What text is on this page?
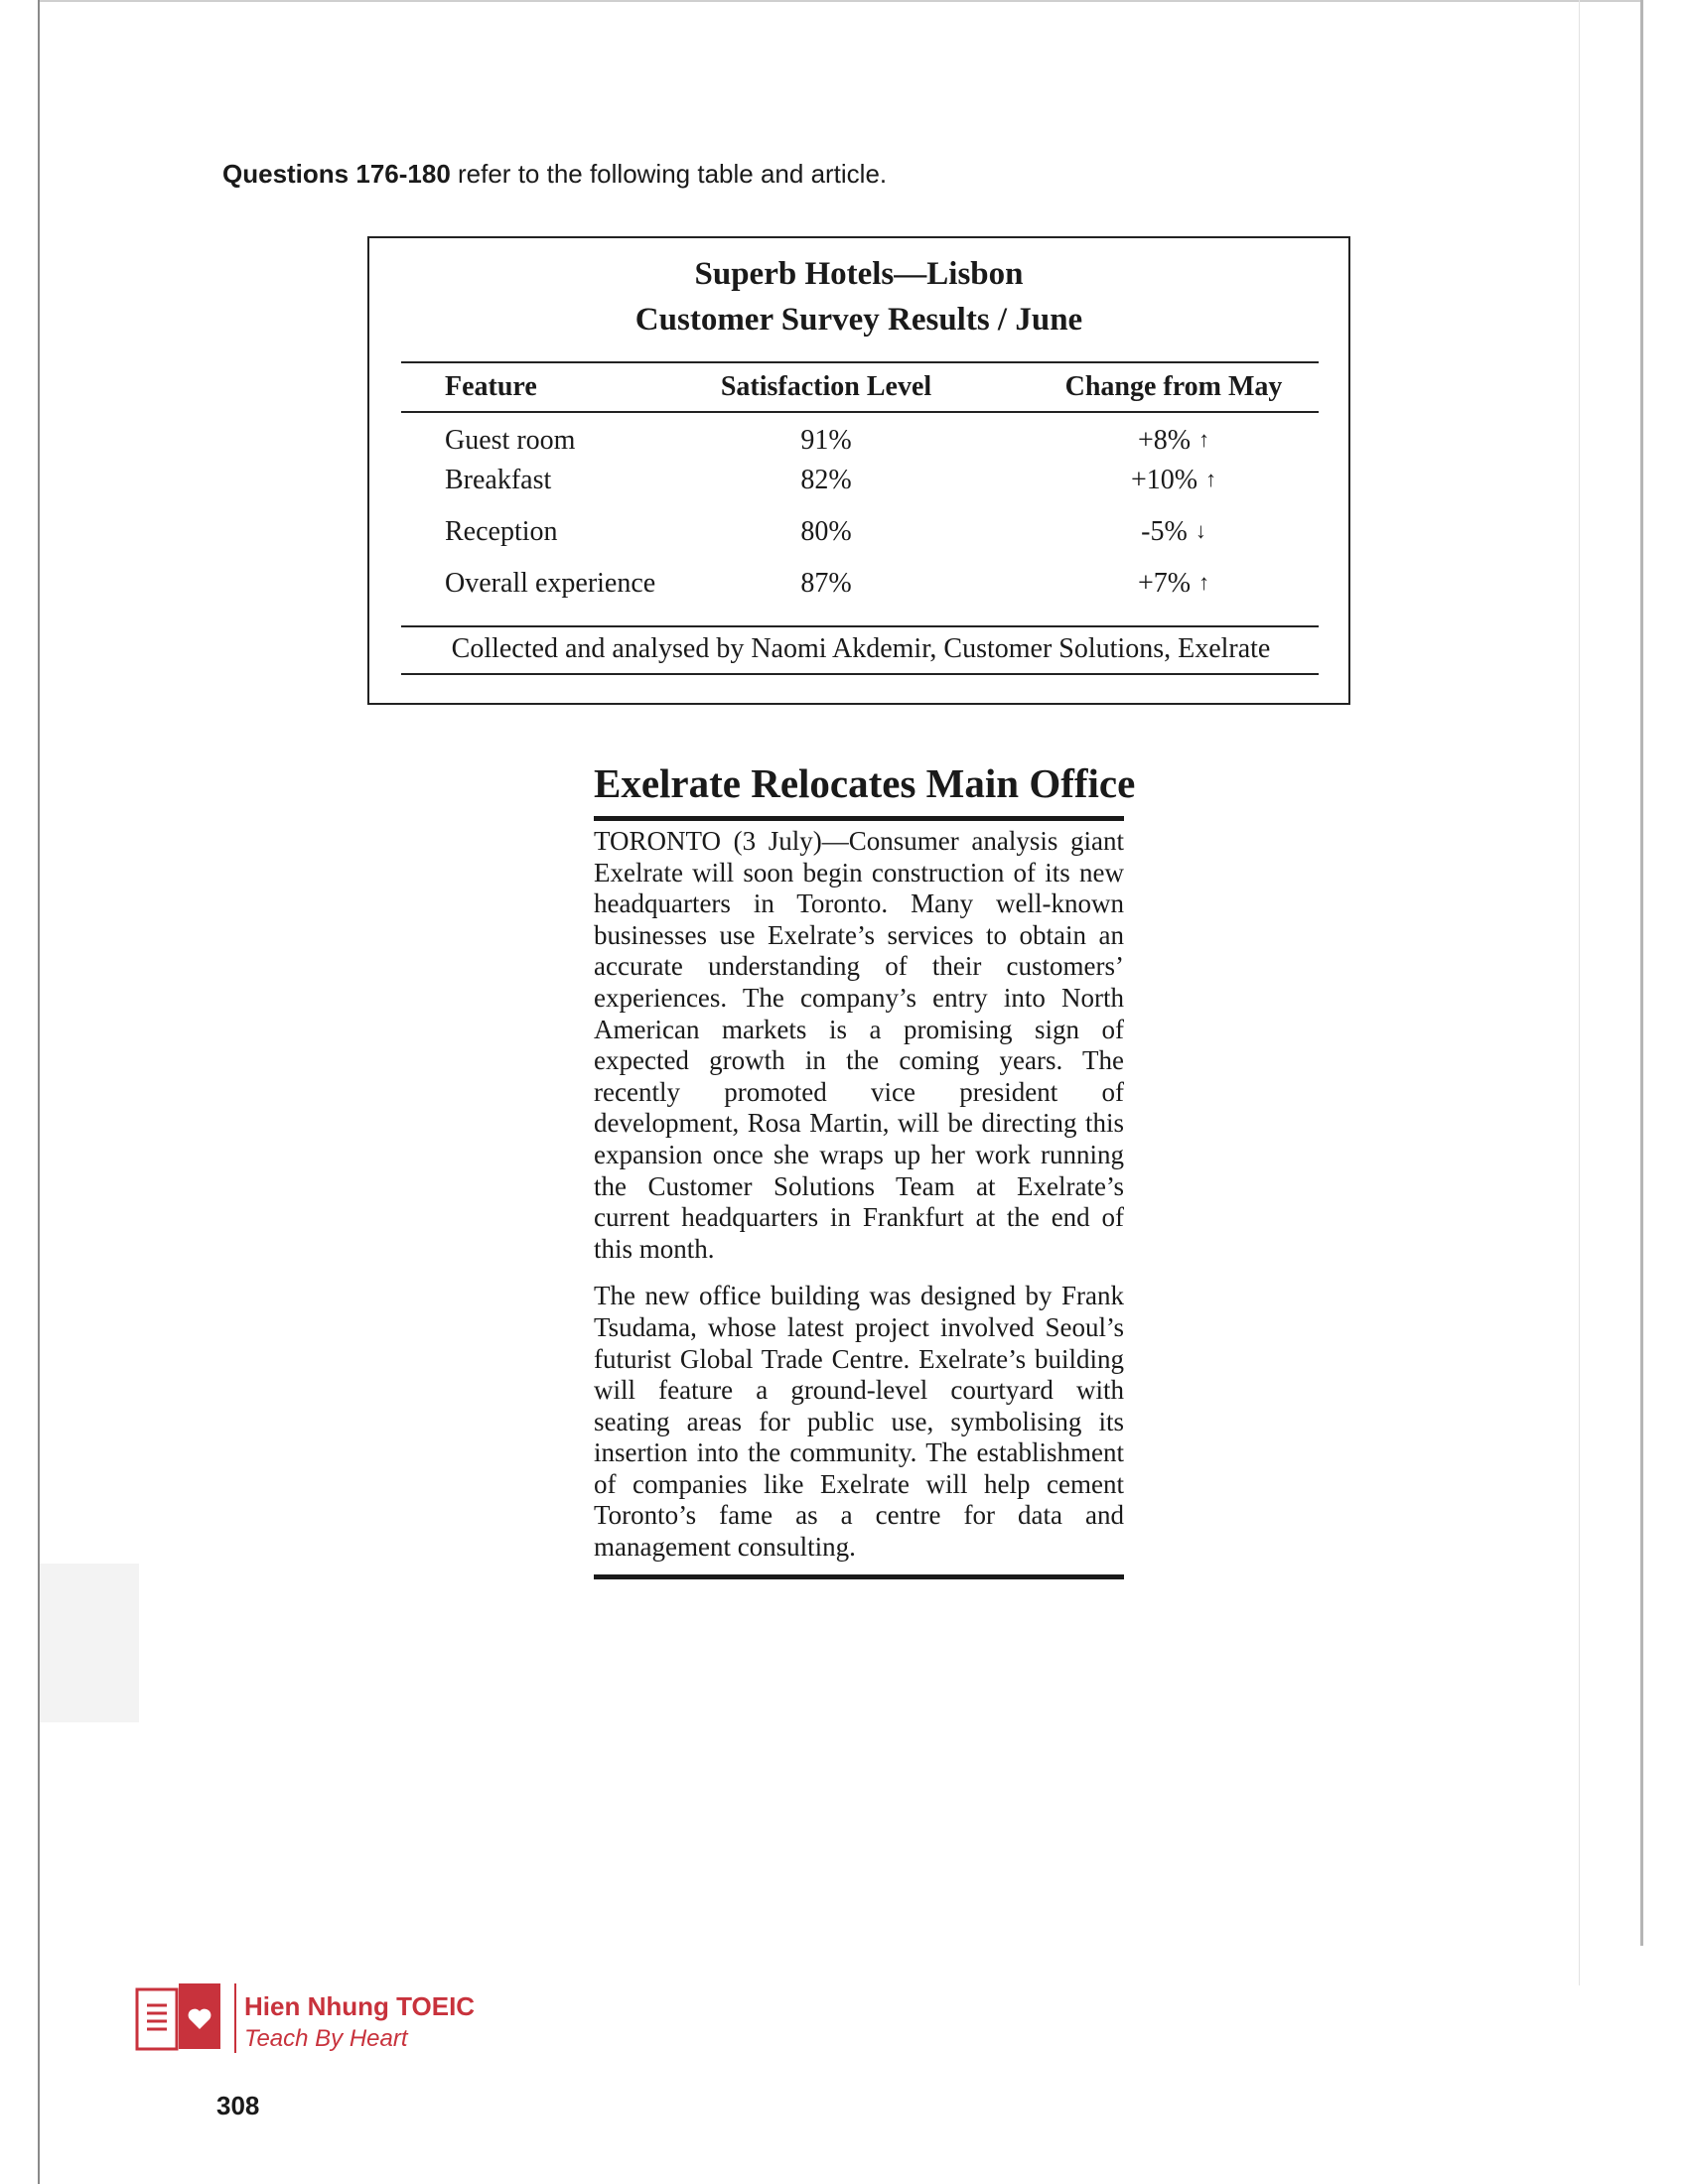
Questions 176-180 refer to the following table and article.
Superb Hotels—Lisbon
Customer Survey Results / June
Feature	Satisfaction Level	Change from May
Guest room	91%	+8% ↑
Breakfast	82%	+10% ↑
Reception	80%	-5% ↓
Overall experience	87%	+7% ↑
Collected and analysed by Naomi Akdemir, Customer Solutions, Exelrate
Exelrate Relocates Main Office

TORONTO (3 July)—Consumer analysis giant Exelrate will soon begin construction of its new headquarters in Toronto. Many well-known businesses use Exelrate’s services to obtain an accurate understanding of their customers’ experiences. The company’s entry into North American markets is a promising sign of expected growth in the coming years. The recently promoted vice president of development, Rosa Martin, will be directing this expansion once she wraps up her work running the Customer Solutions Team at Exelrate’s current headquarters in Frankfurt at the end of this month.

The new office building was designed by Frank Tsudama, whose latest project involved Seoul’s futurist Global Trade Centre. Exelrate’s building will feature a ground-level courtyard with seating areas for public use, symbolising its insertion into the community. The establishment of companies like Exelrate will help cement Toronto’s fame as a centre for data and management consulting.

Hien Nhung TOEIC
Teach By Heart
308
